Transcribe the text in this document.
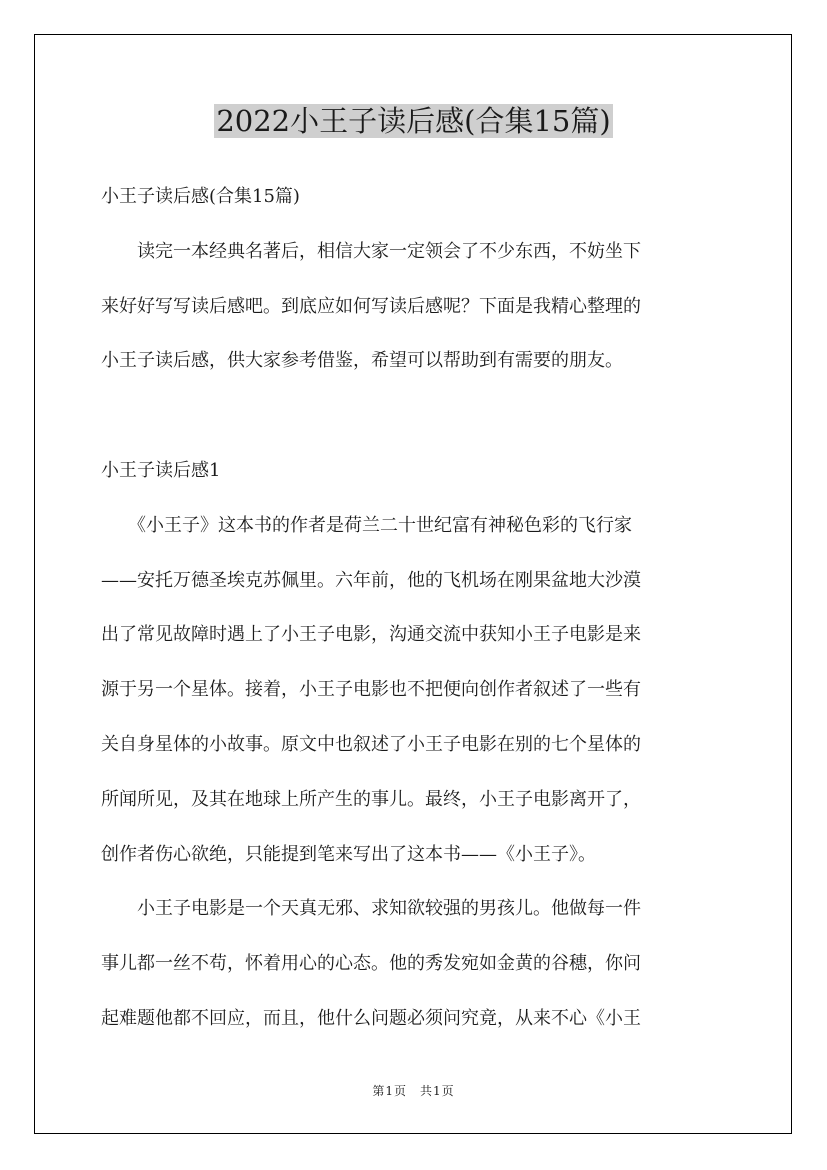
2022小王子读后感(合集15篇)
小王子读后感(合集15篇)
　　读完一本经典名著后，相信大家一定领会了不少东西，不妨坐下
来好好写写读后感吧。到底应如何写读后感呢？下面是我精心整理的
小王子读后感，供大家参考借鉴，希望可以帮助到有需要的朋友。
小王子读后感1
　　《小王子》这本书的作者是荷兰二十世纪富有神秘色彩的飞行家
——安托万德圣埃克苏佩里。六年前，他的飞机场在刚果盆地大沙漠
出了常见故障时遇上了小王子电影，沟通交流中获知小王子电影是来
源于另一个星体。接着，小王子电影也不把便向创作者叙述了一些有
关自身星体的小故事。原文中也叙述了小王子电影在别的七个星体的
所闻所见，及其在地球上所产生的事儿。最终，小王子电影离开了，
创作者伤心欲绝，只能提到笔来写出了这本书——《小王子》。
　　小王子电影是一个天真无邪、求知欲较强的男孩儿。他做每一件
事儿都一丝不苟，怀着用心的心态。他的秀发宛如金黄的谷穗，你问
起难题他都不回应，而且，他什么问题必须问究竟，从来不心《小王
第1页　共1页
